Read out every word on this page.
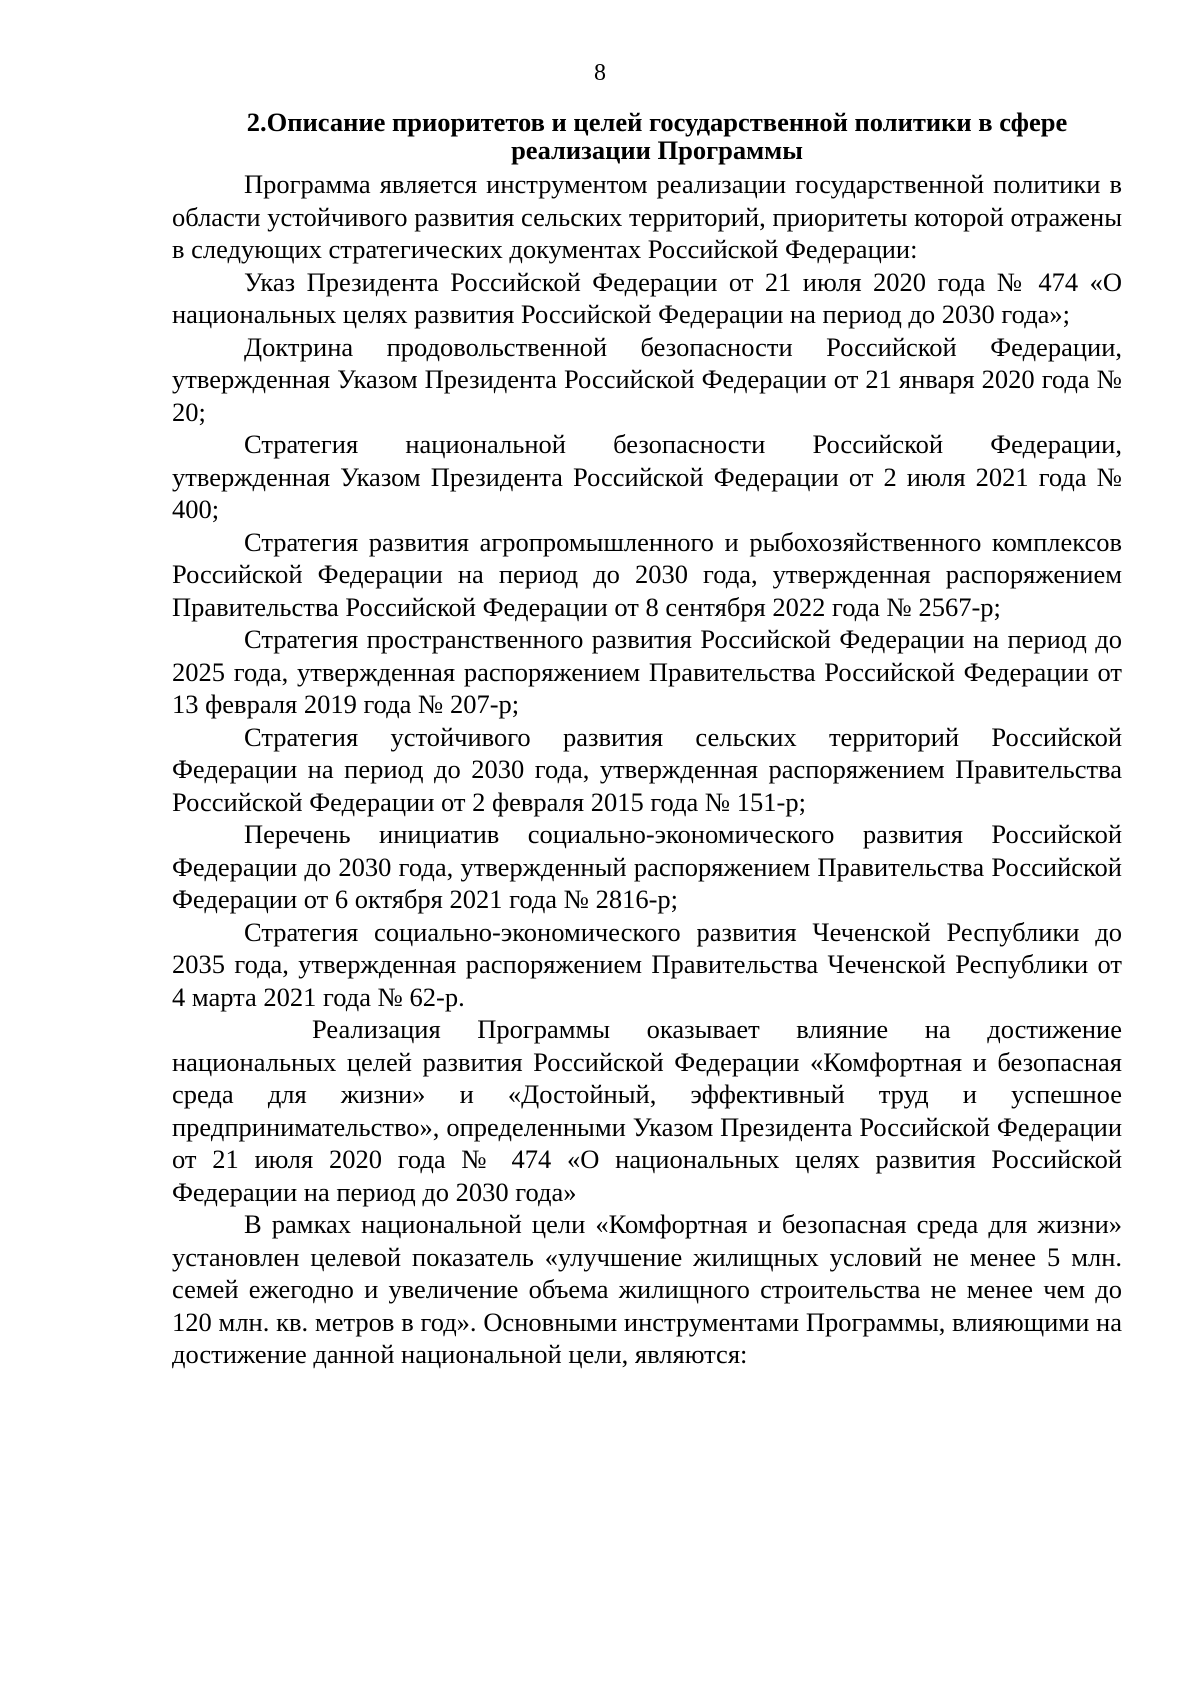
8
2.Описание приоритетов и целей государственной политики в сфере реализации Программы

Программа является инструментом реализации государственной политики в области устойчивого развития сельских территорий, приоритеты которой отражены в следующих стратегических документах Российской Федерации:

Указ Президента Российской Федерации от 21 июля 2020 года № 474 «О национальных целях развития Российской Федерации на период до 2030 года»;

Доктрина продовольственной безопасности Российской Федерации, утвержденная Указом Президента Российской Федерации от 21 января 2020 года № 20;

Стратегия национальной безопасности Российской Федерации, утвержденная Указом Президента Российской Федерации от 2 июля 2021 года № 400;

Стратегия развития агропромышленного и рыбохозяйственного комплексов Российской Федерации на период до 2030 года, утвержденная распоряжением Правительства Российской Федерации от 8 сентября 2022 года № 2567-р;

Стратегия пространственного развития Российской Федерации на период до 2025 года, утвержденная распоряжением Правительства Российской Федерации от 13 февраля 2019 года № 207-р;

Стратегия устойчивого развития сельских территорий Российской Федерации на период до 2030 года, утвержденная распоряжением Правительства Российской Федерации от 2 февраля 2015 года № 151-р;

Перечень инициатив социально-экономического развития Российской Федерации до 2030 года, утвержденный распоряжением Правительства Российской Федерации от 6 октября 2021 года № 2816-р;

Стратегия социально-экономического развития Чеченской Республики до 2035 года, утвержденная распоряжением Правительства Чеченской Республики от 4 марта 2021 года № 62-р.

Реализация Программы оказывает влияние на достижение национальных целей развития Российской Федерации «Комфортная и безопасная среда для жизни» и «Достойный, эффективный труд и успешное предпринимательство», определенными Указом Президента Российской Федерации от 21 июля 2020 года № 474 «О национальных целях развития Российской Федерации на период до 2030 года»

В рамках национальной цели «Комфортная и безопасная среда для жизни» установлен целевой показатель «улучшение жилищных условий не менее 5 млн. семей ежегодно и увеличение объема жилищного строительства не менее чем до 120 млн. кв. метров в год». Основными инструментами Программы, влияющими на достижение данной национальной цели, являются:
